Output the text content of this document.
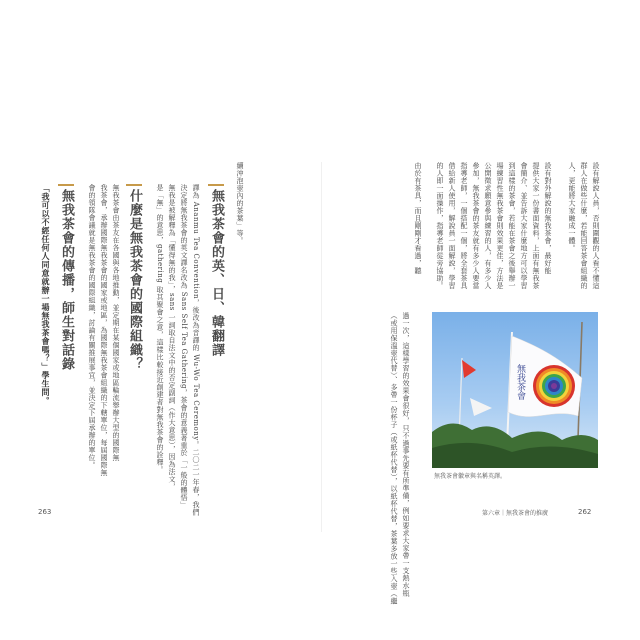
「我可以不經任何人同意就辦一場無我茶會嗎？」學生問。 無我茶會的傳播，師生對話錄 會的領隊會議就是無我茶會的國際組織，討論有關推展事宜，並決定下屆承辦的單位。 我茶會，承辦國際無我茶會的國家或地區，為國際無我茶會組織的下轄單位，每屆國際無 無我茶會由茶友在各國與各地推動，並定期在某個國家或地區輪流舉辦大型的國際無 什麼是無我茶會的國際組織？ 是「無」的意思，gathering 取其聚會之意，這樣比較接近創建者對無我茶會的詮釋。 無我是被解釋為「懂得無的我」，sans 一詞取自法文中的否定副詞（作大意思），因為法文， 決定將無我茶會的英文譯名改為 Sans Self Tea Gathering，茶會的意義著重於「一般的體悟」 譯為 Ananmu Tea Convention，後改為音譯的 Wu-Wo Tea Ceremony。二〇二一年春，我們 無我茶會的英、日、韓翻譯 續沖泡壺內的茶葉」等。
263	（或用保溫壺代替）、多帶一份杯子（或紙杯代替），以紙杯代替，茶葉多放一些入壺（繼 過一次，這樣學習的效果會很好，只不過事先要有所準備，例如要求大家帶一支熱水瓶
由於有茶具，而且剛剛才看過，聽 的人即一面操作，指導老師從旁協助。 借給新人使用，解說員一面解說，學習 指導老師，一個搭配一個，將全套茶具 參加，無我茶會的茶友就有多少人要當 公開徵求願意參與練習的人，有多少人 場練習性無我茶會則效果更佳，方法是 到這樣的茶會，若能在茶會之後舉辦一 會簡介、並告訴大家什麼地方可以學習 提供大家一份書面資料，上面有無我茶 設有對外解說的無我茶會，最好能 人，更能將大家融成一體。 群人在做些什麼，若能回答茶會組織的 設有解說人員，否則圍觀的人看不懂這
無我茶會
無我茶會徽章與名稱英譯。
第六章｜無我茶會的推廣	262
